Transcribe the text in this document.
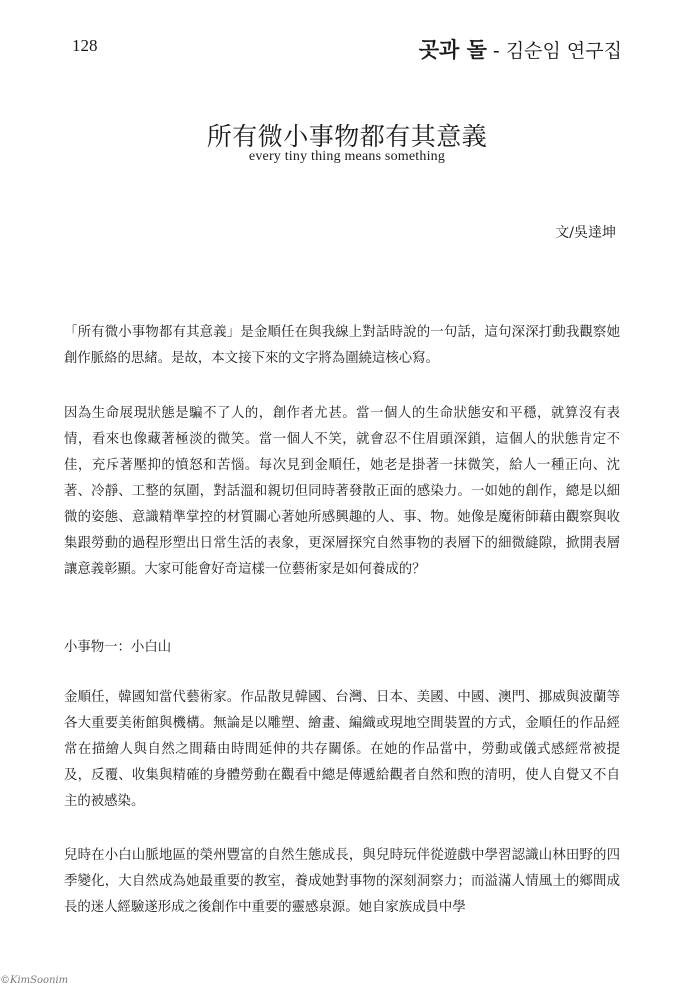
128	곳과 돌 - 김순임 연구집
所有微小事物都有其意義
every tiny thing means something
文/吳達坤
「所有微小事物都有其意義」是金順任在與我線上對話時說的一句話，這句深深打動我觀察她創作脈絡的思緒。是故，本文接下來的文字將為圍繞這核心寫。
因為生命展現狀態是騙不了人的，創作者尤甚。當一個人的生命狀態安和平穩，就算沒有表情，看來也像藏著極淡的微笑。當一個人不笑，就會忍不住眉頭深鎖，這個人的狀態肯定不佳，充斥著壓抑的憤怒和苦惱。每次見到金順任，她老是掛著一抹微笑，給人一種正向、沈著、冷靜、工整的氛圍，對話溫和親切但同時著發散正面的感染力。一如她的創作，總是以細微的姿態、意識精準掌控的材質關心著她所感興趣的人、事、物。她像是魔術師藉由觀察與收集跟勞動的過程形塑出日常生活的表象，更深層探究自然事物的表層下的細微縫隙，掀開表層讓意義彰顯。大家可能會好奇這樣一位藝術家是如何養成的？
小事物一：小白山
金順任，韓國知當代藝術家。作品散見韓國、台灣、日本、美國、中國、澳門、挪威與波蘭等各大重要美術館與機構。無論是以雕塑、繪畫、編織或現地空間裝置的方式，金順任的作品經常在描繪人與自然之間藉由時間延伸的共存關係。在她的作品當中，勞動或儀式感經常被提及，反覆、收集與精確的身體勞動在觀看中總是傳遞給觀者自然和煦的清明，使人自覺又不自主的被感染。
兒時在小白山脈地區的榮州豐富的自然生態成長，與兒時玩伴從遊戲中學習認識山林田野的四季變化，大自然成為她最重要的教室，養成她對事物的深刻洞察力；而溢滿人情風土的鄉間成長的迷人經驗遂形成之後創作中重要的靈感泉源。她自家族成員中學
©KimSoonim
